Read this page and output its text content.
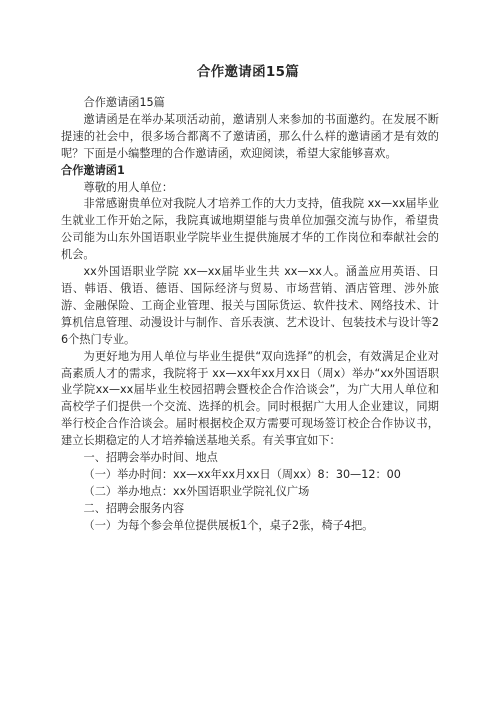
合作邀请函15篇

合作邀请函15篇

邀请函是在举办某项活动前，邀请别人来参加的书面邀约。在发展不断提速的社会中，很多场合都离不了邀请函，那么什么样的邀请函才是有效的呢？下面是小编整理的合作邀请函，欢迎阅读，希望大家能够喜欢。

合作邀请函1

尊敬的用人单位：

非常感谢贵单位对我院人才培养工作的大力支持，值我院 xx—xx届毕业生就业工作开始之际，我院真诚地期望能与贵单位加强交流与协作，希望贵公司能为山东外国语职业学院毕业生提供施展才华的工作岗位和奉献社会的机会。

xx外国语职业学院 xx—xx届毕业生共 xx—xx人。涵盖应用英语、日语、韩语、俄语、德语、国际经济与贸易、市场营销、酒店管理、涉外旅游、金融保险、工商企业管理、报关与国际货运、软件技术、网络技术、计算机信息管理、动漫设计与制作、音乐表演、艺术设计、包装技术与设计等26个热门专业。

为更好地为用人单位与毕业生提供“双向选择”的机会，有效满足企业对高素质人才的需求，我院将于 xx—xx年xx月xx日（周x）举办“xx外国语职业学院xx—xx届毕业生校园招聘会暨校企合作洽谈会”，为广大用人单位和高校学子们提供一个交流、选择的机会。同时根据广大用人企业建议，同期举行校企合作洽谈会。届时根据校企双方需要可现场签订校企合作协议书，建立长期稳定的人才培养输送基地关系。有关事宜如下：

一、招聘会举办时间、地点

（一）举办时间：xx—xx年xx月xx日（周xx）8：30—12：00

（二）举办地点：xx外国语职业学院礼仪广场

二、招聘会服务内容

（一）为每个参会单位提供展板1个，桌子2张，椅子4把。
